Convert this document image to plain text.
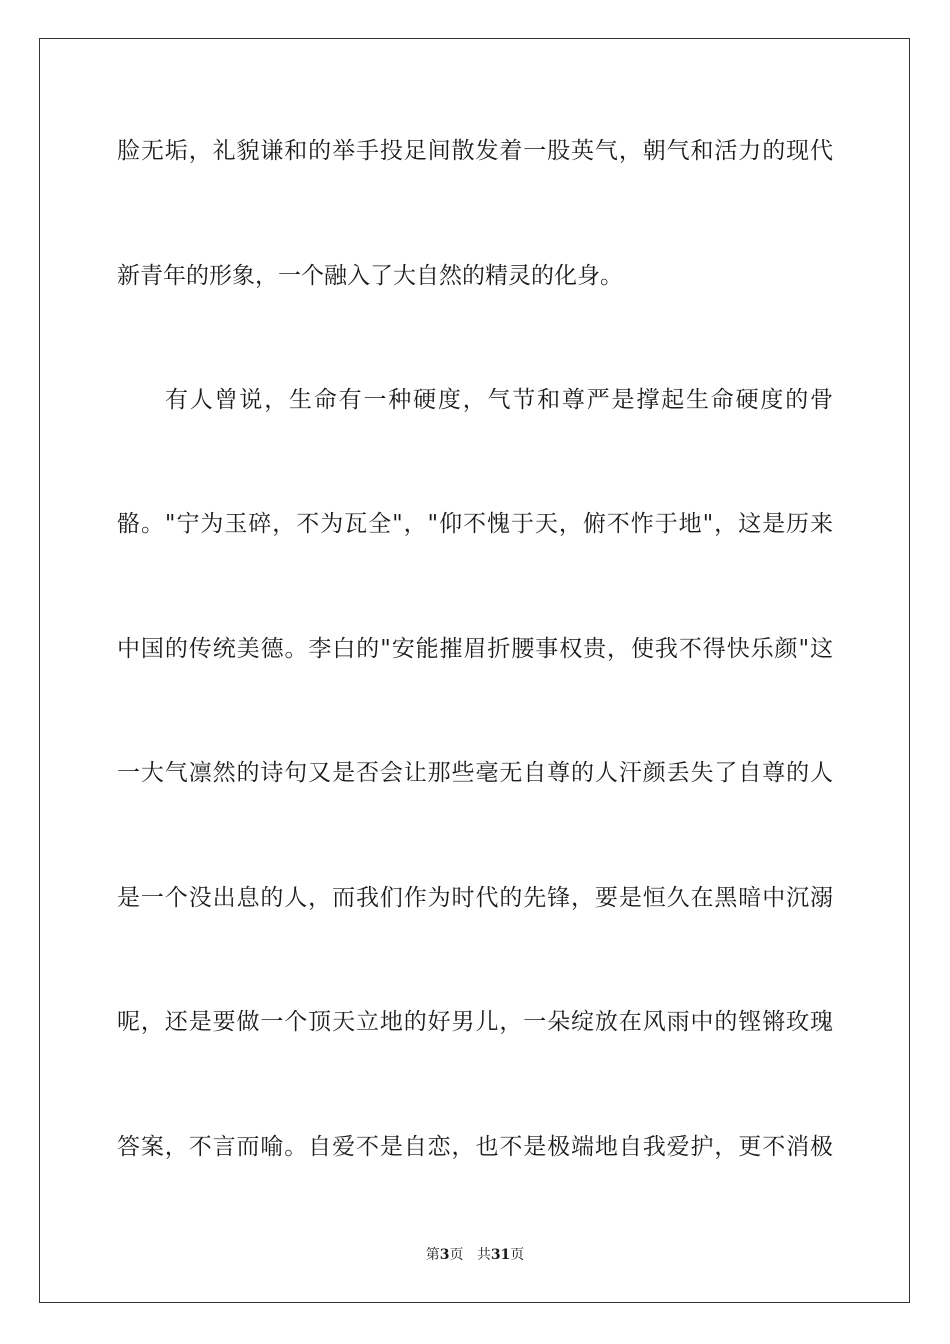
脸无垢，礼貌谦和的举手投足间散发着一股英气，朝气和活力的现代
新青年的形象，一个融入了大自然的精灵的化身。
有人曾说，生命有一种硬度，气节和尊严是撑起生命硬度的骨
骼。"宁为玉碎，不为瓦全"，"仰不愧于天，俯不怍于地"，这是历来
中国的传统美德。李白的"安能摧眉折腰事权贵，使我不得快乐颜"这
一大气凛然的诗句又是否会让那些毫无自尊的人汗颜丢失了自尊的人
是一个没出息的人，而我们作为时代的先锋，要是恒久在黑暗中沉溺
呢，还是要做一个顶天立地的好男儿，一朵绽放在风雨中的铿锵玫瑰
答案，不言而喻。自爱不是自恋，也不是极端地自我爱护，更不消极
第3页 共31页
